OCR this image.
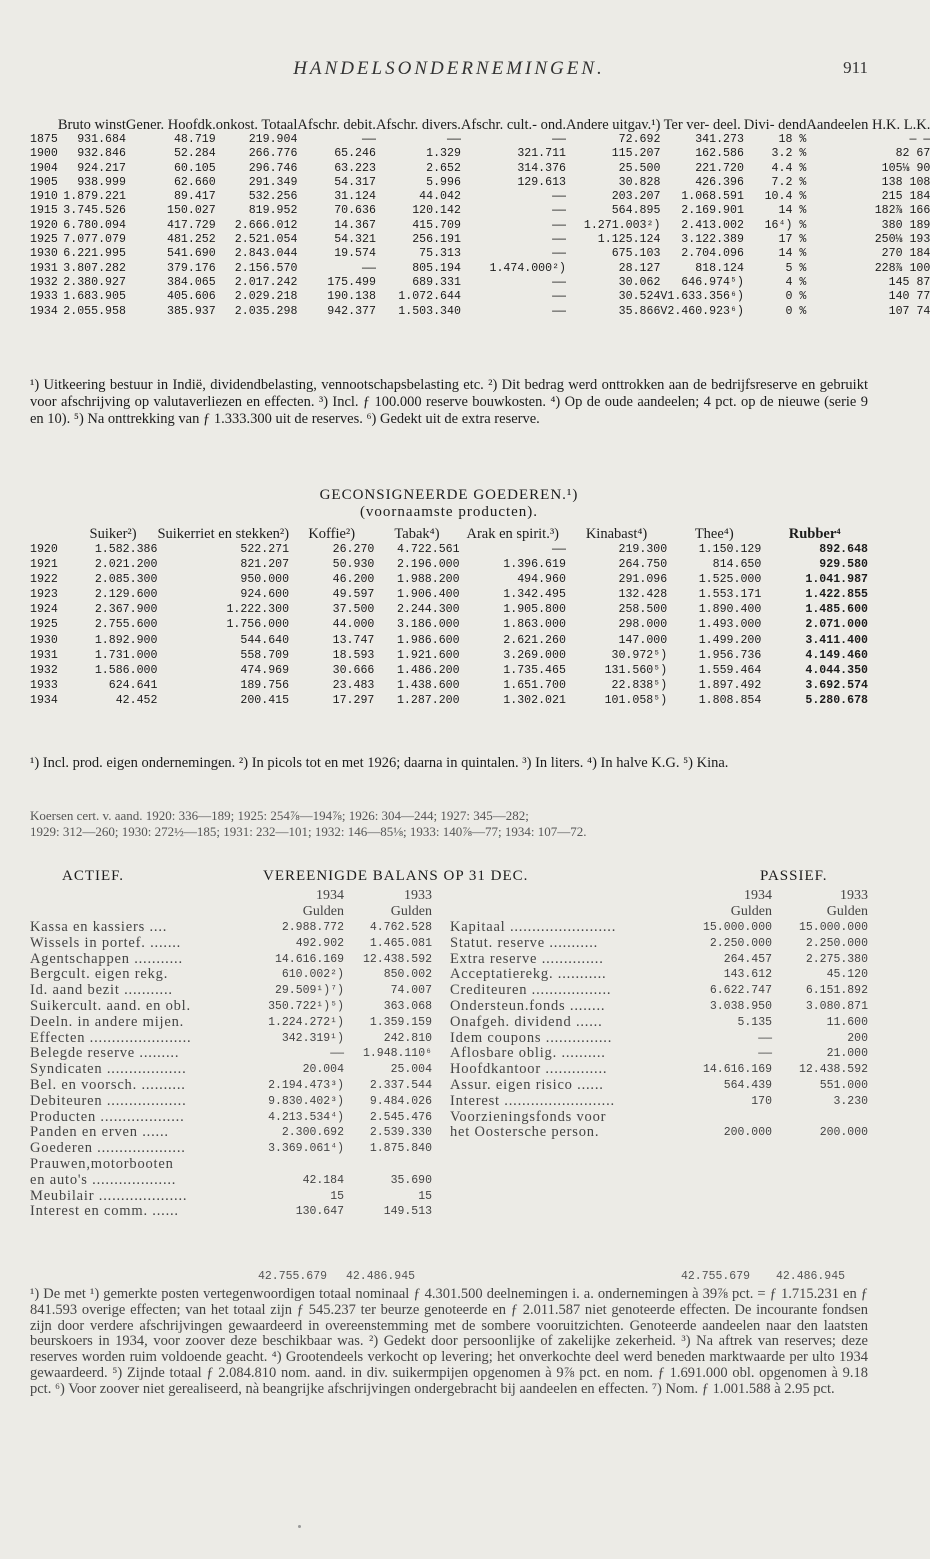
HANDELSONDERNEMINGEN.	911
	Bruto winst	Gener. Hoofdk.	onkost. Totaal	Afschr. debit.	Afschr. divers.	Afschr. cult.- ond.	Andere uitgav.¹)	Ter ver- deel.	Divi- dend	Aandeelen H.K. L.K.
1875	931.684	48.719	219.904	——	——	——	72.692	341.273	18 %	— —
1900	932.846	52.284	266.776	65.246	1.329	321.711	115.207	162.586	3.2 %	82 67
1904	924.217	60.105	296.746	63.223	2.652	314.376	25.500	221.720	4.4 %	105⅛ 90
1905	938.999	62.660	291.349	54.317	5.996	129.613	30.828	426.396	7.2 %	138 108
1910	1.879.221	89.417	532.256	31.124	44.042	——	203.207	1.068.591	10.4 %	215 184
1915	3.745.526	150.027	819.952	70.636	120.142	——	564.895	2.169.901	14 %	182⅞ 166
1920	6.780.094	417.729	2.666.012	14.367	415.709	——	1.271.003²)	2.413.002	16⁴) %	380 189
1925	7.077.079	481.252	2.521.054	54.321	256.191	——	1.125.124	3.122.389	17 %	250⅛ 193
1930	6.221.995	541.690	2.843.044	19.574	75.313	——	675.103	2.704.096	14 %	270 184
1931	3.807.282	379.176	2.156.570	——	805.194	1.474.000²)	28.127	818.124	5 %	228⅞ 100
1932	2.380.927	384.065	2.017.242	175.499	689.331	——	30.062	646.974⁵)	4 %	145 87
1933	1.683.905	405.606	2.029.218	190.138	1.072.644	——	30.524	V1.633.356⁶)	0 %	140 77
1934	2.055.958	385.937	2.035.298	942.377	1.503.340	——	35.866	V2.460.923⁶)	0 %	107 74

¹) Uitkeering bestuur in Indië, dividendbelasting, vennootschapsbelasting etc. ²) Dit bedrag werd onttrokken aan de bedrijfsreserve en gebruikt voor afschrijving op valutaverliezen en effecten. ³) Incl. ƒ 100.000 reserve bouwkosten. ⁴) Op de oude aandeelen; 4 pct. op de nieuwe (serie 9 en 10). ⁵) Na onttrekking van ƒ 1.333.300 uit de reserves. ⁶) Gedekt uit de extra reserve.

GECONSIGNEERDE GOEDEREN.¹)
(voornaamste producten).
	Suiker²)	Suikerriet en stekken²)	Koffie²)	Tabak⁴)	Arak en spirit.³)	Kinabast⁴)	Thee⁴)	Rubber⁴
1920	1.582.386	522.271	26.270	4.722.561	——	219.300	1.150.129	892.648
1921	2.021.200	821.207	50.930	2.196.000	1.396.619	264.750	814.650	929.580
1922	2.085.300	950.000	46.200	1.988.200	494.960	291.096	1.525.000	1.041.987
1923	2.129.600	924.600	49.597	1.906.400	1.342.495	132.428	1.553.171	1.422.855
1924	2.367.900	1.222.300	37.500	2.244.300	1.905.800	258.500	1.890.400	1.485.600
1925	2.755.600	1.756.000	44.000	3.186.000	1.863.000	298.000	1.493.000	2.071.000
1930	1.892.900	544.640	13.747	1.986.600	2.621.260	147.000	1.499.200	3.411.400
1931	1.731.000	558.709	18.593	1.921.600	3.269.000	30.972⁵)	1.956.736	4.149.460
1932	1.586.000	474.969	30.666	1.486.200	1.735.465	131.560⁵)	1.559.464	4.044.350
1933	624.641	189.756	23.483	1.438.600	1.651.700	22.838⁵)	1.897.492	3.692.574
1934	42.452	200.415	17.297	1.287.200	1.302.021	101.058⁵)	1.808.854	5.280.678

¹) Incl. prod. eigen ondernemingen. ²) In picols tot en met 1926; daarna in quintalen. ³) In liters. ⁴) In halve K.G. ⁵) Kina.

Koersen cert. v. aand. 1920: 336—189; 1925: 254⅞—194⅞; 1926: 304—244; 1927: 345—282;

1929: 312—260; 1930: 272½—185; 1931: 232—101; 1932: 146—85⅛; 1933: 140⅞—77; 1934: 107—72.

ACTIEF.	VEREENIGDE BALANS OP 31 DEC.	PASSIEF.
	1934	1933
	Gulden	Gulden
Kassa en kassiers ....	2.988.772	4.762.528
Wissels in portef. .......	492.902	1.465.081
Agentschappen ...........	14.616.169	12.438.592
Bergcult. eigen rekg.	610.002²)	850.002
Id. aand bezit ...........	29.509¹)⁷)	74.007
Suikercult. aand. en obl.	350.722¹)⁵)	363.068
Deeln. in andere mijen.	1.224.272¹)	1.359.159
Effecten .......................	342.319¹)	242.810
Belegde reserve .........	——	1.948.110⁶
Syndicaten ..................	20.004	25.004
Bel. en voorsch. ..........	2.194.473³)	2.337.544
Debiteuren ..................	9.830.402³)	9.484.026
Producten ...................	4.213.534⁴)	2.545.476
Panden en erven ......	2.300.692	2.539.330
Goederen ....................	3.369.061⁴)	1.875.840
Prauwen,motorbooten		
en auto's ...................	42.184	35.690
Meubilair ....................	15	15
Interest en comm. ......	130.647	149.513
	1934	1933
	Gulden	Gulden
Kapitaal ........................	15.000.000	15.000.000
Statut. reserve ...........	2.250.000	2.250.000
Extra reserve ..............	264.457	2.275.380
Acceptatierekg. ...........	143.612	45.120
Crediteuren ..................	6.622.747	6.151.892
Ondersteun.fonds ........	3.038.950	3.080.871
Onafgeh. dividend ......	5.135	11.600
Idem coupons ...............	——	200
Aflosbare oblig. ..........	——	21.000
Hoofdkantoor ..............	14.616.169	12.438.592
Assur. eigen risico ......	564.439	551.000
Interest .........................	170	3.230
Voorzieningsfonds voor		
het Oostersche person.	200.000	200.000
42.755.679 42.486.945	42.755.679 42.486.945

¹) De met ¹) gemerkte posten vertegenwoordigen totaal nominaal ƒ 4.301.500 deelnemingen i. a. ondernemingen à 39⅞ pct. = ƒ 1.715.231 en ƒ 841.593 overige effecten; van het totaal zijn ƒ 545.237 ter beurze genoteerde en ƒ 2.011.587 niet genoteerde effecten. De incourante fondsen zijn door verdere afschrijvingen gewaardeerd in overeenstemming met de sombere vooruitzichten. Genoteerde aandeelen naar den laatsten beurskoers in 1934, voor zoover deze beschikbaar was. ²) Gedekt door persoonlijke of zakelijke zekerheid. ³) Na aftrek van reserves; deze reserves worden ruim voldoende geacht. ⁴) Grootendeels verkocht op levering; het onverkochte deel werd beneden marktwaarde per ulto 1934 gewaardeerd. ⁵) Zijnde totaal ƒ 2.084.810 nom. aand. in div. suikermpijen opgenomen à 9⅞ pct. en nom. ƒ 1.691.000 obl. opgenomen à 9.18 pct. ⁶) Voor zoover niet gerealiseerd, nà beangrijke afschrijvingen ondergebracht bij aandeelen en effecten. ⁷) Nom. ƒ 1.001.588 à 2.95 pct.
